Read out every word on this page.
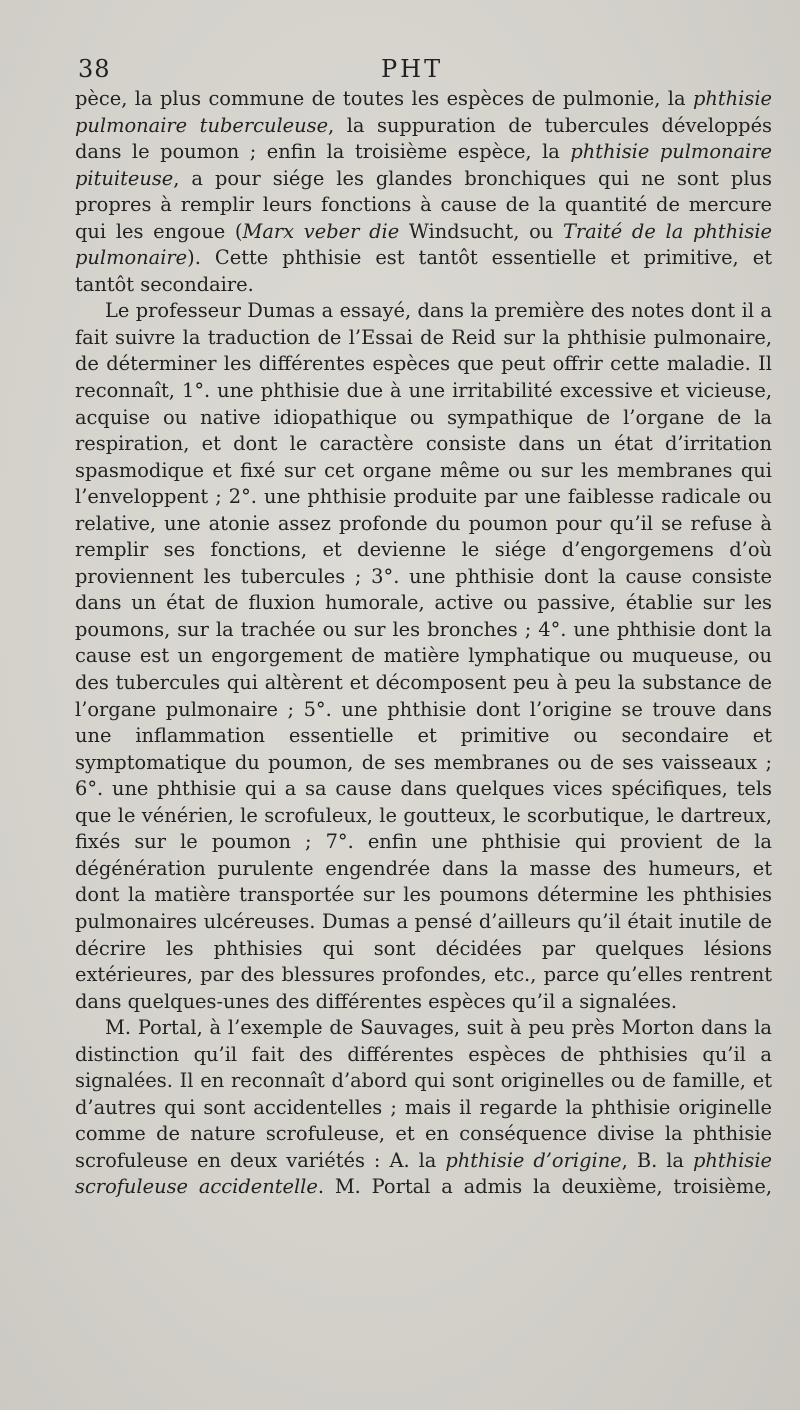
38	PHT

pèce, la plus commune de toutes les espèces de pulmonie, la phthisie pulmonaire tuberculeuse, la suppuration de tubercules développés dans le poumon ; enfin la troisième espèce, la phthisie pulmonaire pituiteuse, a pour siége les glandes bronchiques qui ne sont plus propres à remplir leurs fonctions à cause de la quantité de mercure qui les engoue (Marx veber die Windsucht, ou Traité de la phthisie pulmonaire). Cette phthisie est tantôt essentielle et primitive, et tantôt secondaire.

Le professeur Dumas a essayé, dans la première des notes dont il a fait suivre la traduction de l’Essai de Reid sur la phthisie pulmonaire, de déterminer les différentes espèces que peut offrir cette maladie. Il reconnaît, 1°. une phthisie due à une irritabilité excessive et vicieuse, acquise ou native idiopathique ou sympathique de l’organe de la respiration, et dont le caractère consiste dans un état d’irritation spasmodique et fixé sur cet organe même ou sur les membranes qui l’enveloppent ; 2°. une phthisie produite par une faiblesse radicale ou relative, une atonie assez profonde du poumon pour qu’il se refuse à remplir ses fonctions, et devienne le siége d’engorgemens d’où proviennent les tubercules ; 3°. une phthisie dont la cause consiste dans un état de fluxion humorale, active ou passive, établie sur les poumons, sur la trachée ou sur les bronches ; 4°. une phthisie dont la cause est un engorgement de matière lymphatique ou muqueuse, ou des tubercules qui altèrent et décomposent peu à peu la substance de l’organe pulmonaire ; 5°. une phthisie dont l’origine se trouve dans une inflammation essentielle et primitive ou secondaire et symptomatique du poumon, de ses membranes ou de ses vaisseaux ; 6°. une phthisie qui a sa cause dans quelques vices spécifiques, tels que le vénérien, le scrofuleux, le goutteux, le scorbutique, le dartreux, fixés sur le poumon ; 7°. enfin une phthisie qui provient de la dégénération purulente engendrée dans la masse des humeurs, et dont la matière transportée sur les poumons détermine les phthisies pulmonaires ulcéreuses. Dumas a pensé d’ailleurs qu’il était inutile de décrire les phthisies qui sont décidées par quelques lésions extérieures, par des blessures profondes, etc., parce qu’elles rentrent dans quelques-unes des différentes espèces qu’il a signalées.

M. Portal, à l’exemple de Sauvages, suit à peu près Morton dans la distinction qu’il fait des différentes espèces de phthisies qu’il a signalées. Il en reconnaît d’abord qui sont originelles ou de famille, et d’autres qui sont accidentelles ; mais il regarde la phthisie originelle comme de nature scrofuleuse, et en conséquence divise la phthisie scrofuleuse en deux variétés : A. la phthisie d’origine, B. la phthisie scrofuleuse accidentelle. M. Portal a admis la deuxième, troisième,
